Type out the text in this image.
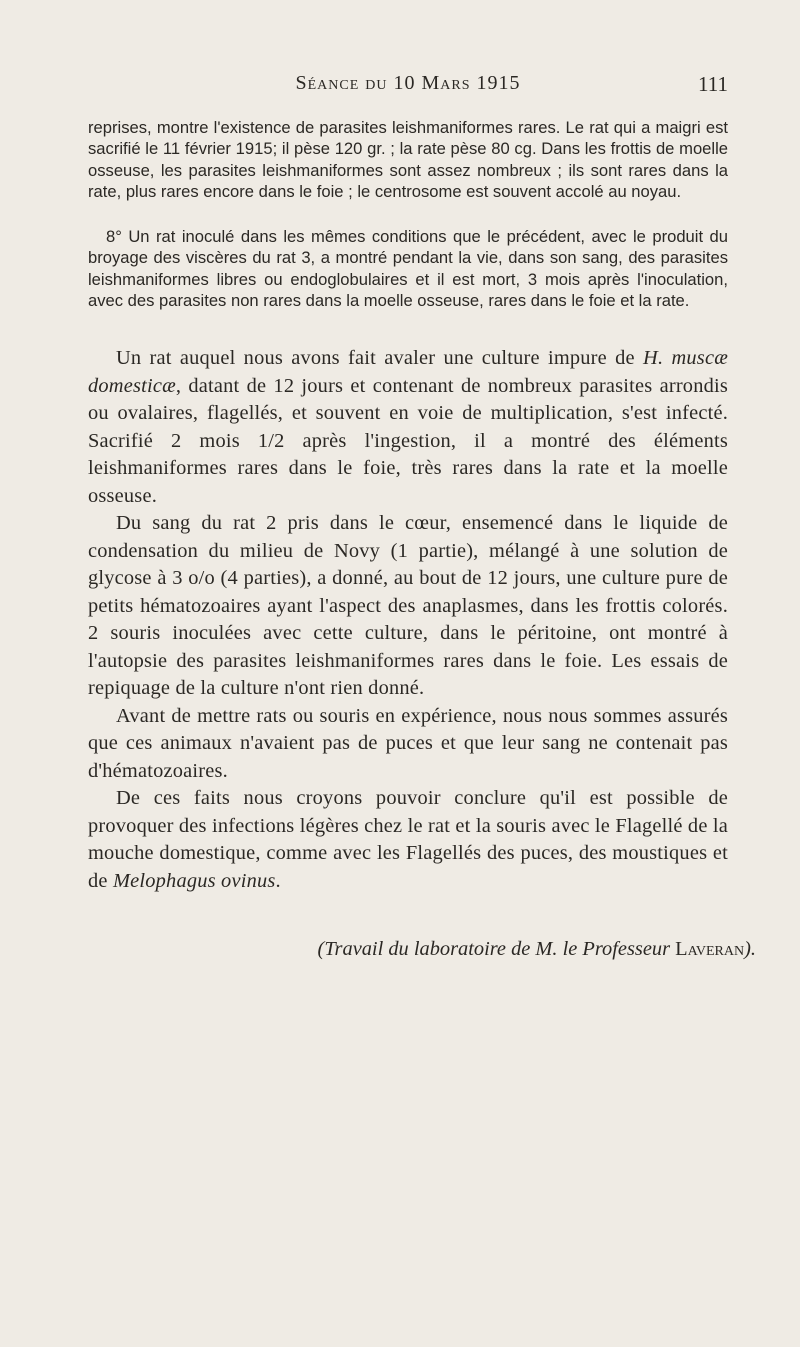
Séance du 10 Mars 1915	111

reprises, montre l'existence de parasites leishmaniformes rares. Le rat qui a maigri est sacrifié le 11 février 1915; il pèse 120 gr. ; la rate pèse 80 cg. Dans les frottis de moelle osseuse, les parasites leishmaniformes sont assez nombreux ; ils sont rares dans la rate, plus rares encore dans le foie ; le centrosome est souvent accolé au noyau.

8° Un rat inoculé dans les mêmes conditions que le précédent, avec le produit du broyage des viscères du rat 3, a montré pendant la vie, dans son sang, des parasites leishmaniformes libres ou endoglobulaires et il est mort, 3 mois après l'inoculation, avec des parasites non rares dans la moelle osseuse, rares dans le foie et la rate.

Un rat auquel nous avons fait avaler une culture impure de H. muscæ domesticæ, datant de 12 jours et contenant de nombreux parasites arrondis ou ovalaires, flagellés, et souvent en voie de multiplication, s'est infecté. Sacrifié 2 mois 1/2 après l'ingestion, il a montré des éléments leishmaniformes rares dans le foie, très rares dans la rate et la moelle osseuse.

Du sang du rat 2 pris dans le cœur, ensemencé dans le liquide de condensation du milieu de Novy (1 partie), mélangé à une solution de glycose à 3 o/o (4 parties), a donné, au bout de 12 jours, une culture pure de petits hématozoaires ayant l'aspect des anaplasmes, dans les frottis colorés. 2 souris inoculées avec cette culture, dans le péritoine, ont montré à l'autopsie des parasites leishmaniformes rares dans le foie. Les essais de repiquage de la culture n'ont rien donné.

Avant de mettre rats ou souris en expérience, nous nous sommes assurés que ces animaux n'avaient pas de puces et que leur sang ne contenait pas d'hématozoaires.

De ces faits nous croyons pouvoir conclure qu'il est possible de provoquer des infections légères chez le rat et la souris avec le Flagellé de la mouche domestique, comme avec les Flagellés des puces, des moustiques et de Melophagus ovinus.

(Travail du laboratoire de M. le Professeur Laveran).
